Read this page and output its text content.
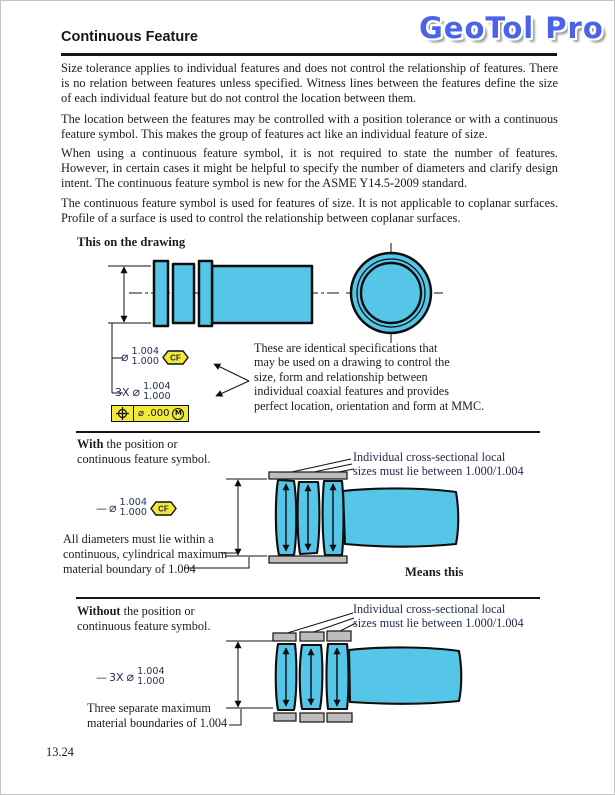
Continuous Feature	GeoTol Pro

Size tolerance applies to individual features and does not control the relationship of features. There is no relation between features unless specified. Witness lines between the features define the size of each individual feature but do not control the location between them.

The location between the features may be controlled with a position tolerance or with a continuous feature symbol. This makes the group of features act like an individual feature of size.

When using a continuous feature symbol, it is not required to state the number of features. However, in certain cases it might be helpful to specify the number of diameters and clarify design intent. The continuous feature symbol is new for the ASME Y14.5-2009 standard.

The continuous feature symbol is used for features of size. It is not applicable to coplanar surfaces. Profile of a surface is used to control the relationship between coplanar surfaces.

This on the drawing
⌀ 1.004
1.000 CF
3X ⌀ 1.004
1.000
⌀ .000 M
These are identical specifications that
may be used on a drawing to control the
size, form and relationship between
individual coaxial features and provides
perfect location, orientation and form at MMC.
With the position or
continuous feature symbol.
— ⌀ 1.004
1.000 CF
All diameters must lie within a
continuous, cylindrical maximum
material boundary of 1.004
Individual cross-sectional local
sizes must lie between 1.000/1.004
Means this
Without the position or
continuous feature symbol.
— 3X ⌀ 1.004
1.000
Three separate maximum
material boundaries of 1.004
Individual cross-sectional local
sizes must lie between 1.000/1.004
13.24
